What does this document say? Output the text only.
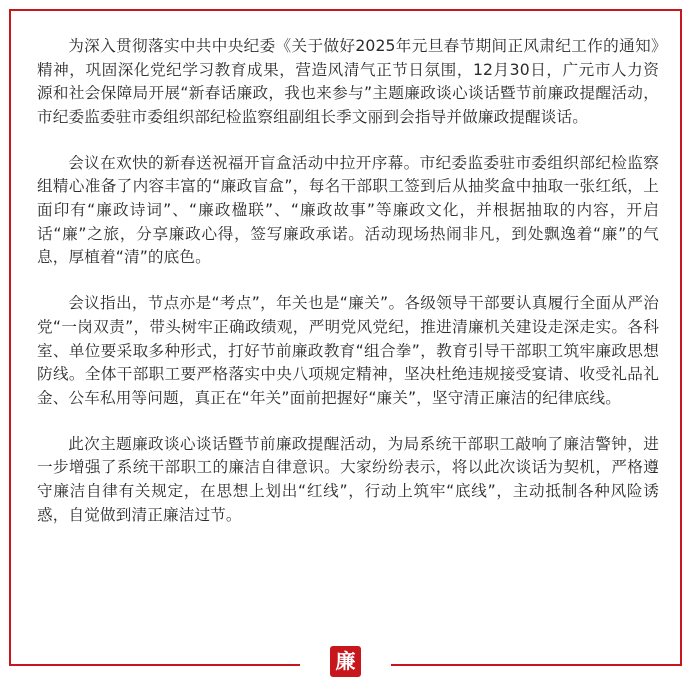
为深入贯彻落实中共中央纪委《关于做好2025年元旦春节期间正风肃纪工作的通知》精神，巩固深化党纪学习教育成果，营造风清气正节日氛围，12月30日，广元市人力资源和社会保障局开展“新春话廉政，我也来参与”主题廉政谈心谈话暨节前廉政提醒活动，市纪委监委驻市委组织部纪检监察组副组长季文丽到会指导并做廉政提醒谈话。

会议在欢快的新春送祝福开盲盒活动中拉开序幕。市纪委监委驻市委组织部纪检监察组精心准备了内容丰富的“廉政盲盒”，每名干部职工签到后从抽奖盒中抽取一张红纸，上面印有“廉政诗词”、“廉政楹联”、“廉政故事”等廉政文化，并根据抽取的内容，开启话“廉”之旅，分享廉政心得，签写廉政承诺。活动现场热闹非凡，到处飘逸着“廉”的气息，厚植着“清”的底色。

会议指出，节点亦是“考点”，年关也是“廉关”。各级领导干部要认真履行全面从严治党“一岗双责”，带头树牢正确政绩观，严明党风党纪，推进清廉机关建设走深走实。各科室、单位要采取多种形式，打好节前廉政教育“组合拳”，教育引导干部职工筑牢廉政思想防线。全体干部职工要严格落实中央八项规定精神，坚决杜绝违规接受宴请、收受礼品礼金、公车私用等问题，真正在“年关”面前把握好“廉关”，坚守清正廉洁的纪律底线。

此次主题廉政谈心谈话暨节前廉政提醒活动，为局系统干部职工敲响了廉洁警钟，进一步增强了系统干部职工的廉洁自律意识。大家纷纷表示，将以此次谈话为契机，严格遵守廉洁自律有关规定，在思想上划出“红线”，行动上筑牢“底线”，主动抵制各种风险诱惑，自觉做到清正廉洁过节。

廉
